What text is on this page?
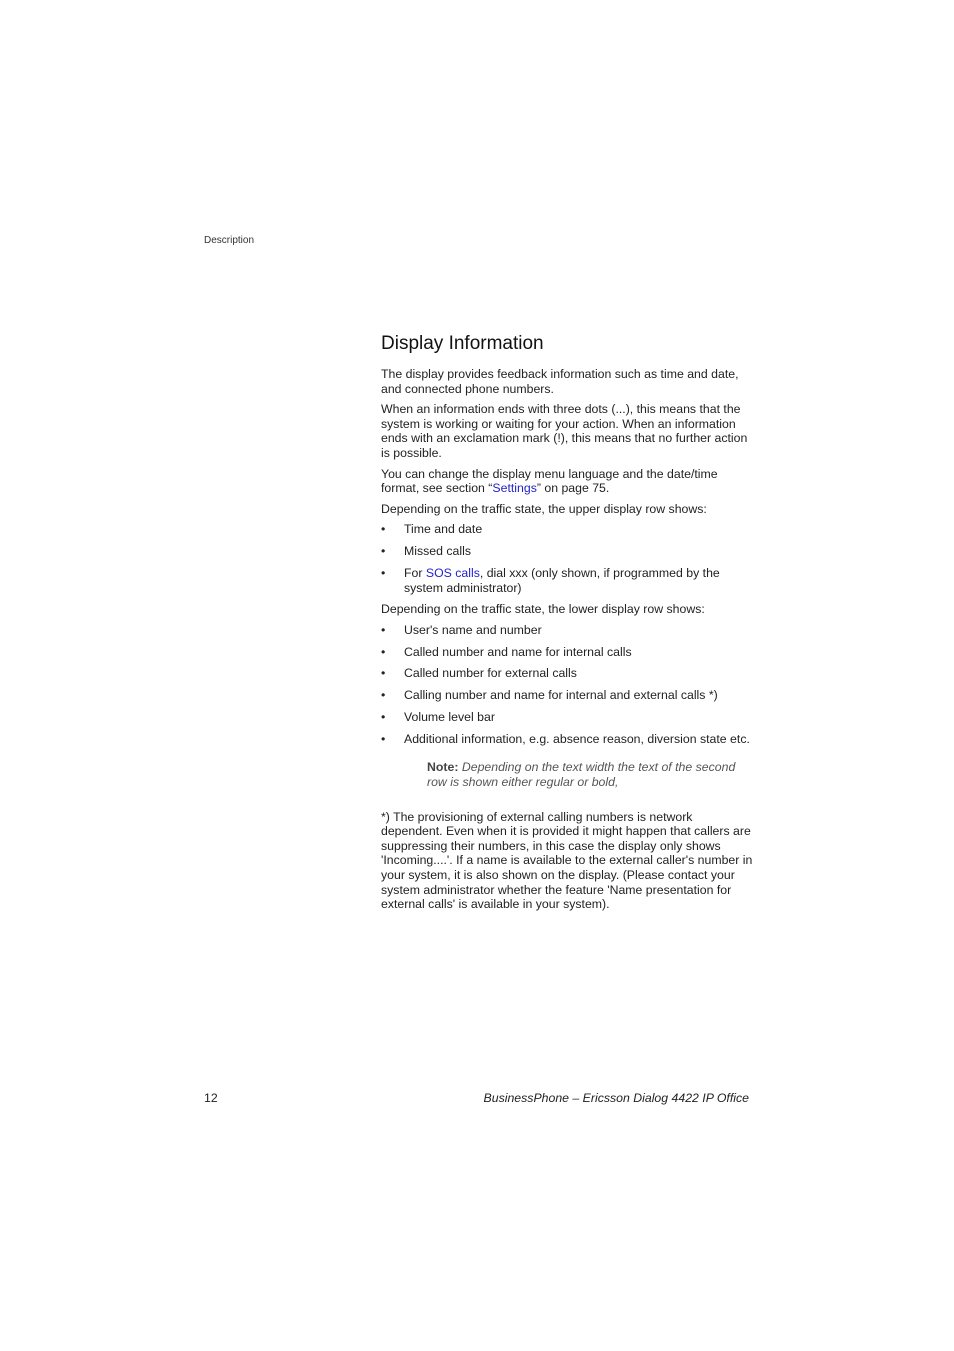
Description
Display Information

The display provides feedback information such as time and date, and connected phone numbers.

When an information ends with three dots (...), this means that the system is working or waiting for your action. When an information ends with an exclamation mark (!), this means that no further action is possible.

You can change the display menu language and the date/time format, see section “Settings” on page 75.

Depending on the traffic state, the upper display row shows:

• Time and date
• Missed calls
• For SOS calls, dial xxx (only shown, if programmed by the system administrator)

Depending on the traffic state, the lower display row shows:

• User's name and number
• Called number and name for internal calls
• Called number for external calls
• Calling number and name for internal and external calls *)
• Volume level bar
• Additional information, e.g. absence reason, diversion state etc.
Note: Depending on the text width the text of the second row is shown either regular or bold,

*) The provisioning of external calling numbers is network dependent. Even when it is provided it might happen that callers are suppressing their numbers, in this case the display only shows 'Incoming....'. If a name is available to the external caller's number in your system, it is also shown on the display. (Please contact your system administrator whether the feature 'Name presentation for external calls' is available in your system).

12	BusinessPhone – Ericsson Dialog 4422 IP Office
